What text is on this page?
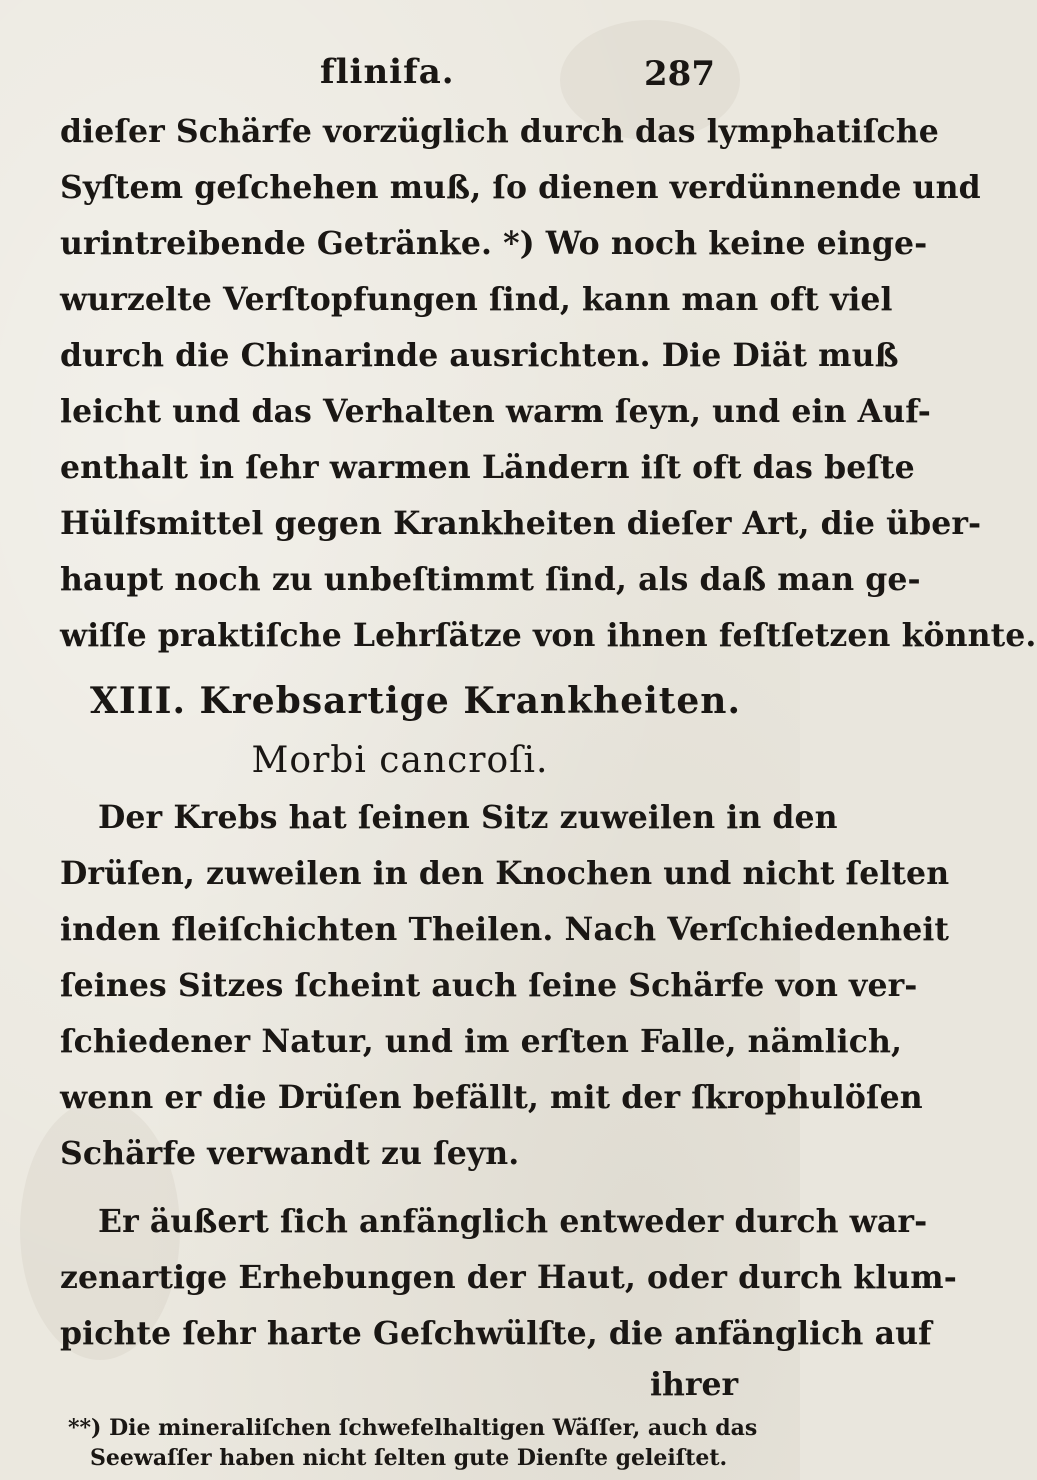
flinifa.	287
dieſer Schärfe vorzüglich durch das lymphatiſche
Syſtem geſchehen muß, ſo dienen verdünnende und
urintreibende Getränke. *) Wo noch keine einge-
wurzelte Verſtopfungen ſind, kann man oft viel
durch die Chinarinde ausrichten. Die Diät muß
leicht und das Verhalten warm ſeyn, und ein Auf-
enthalt in ſehr warmen Ländern iſt oft das beſte
Hülfsmittel gegen Krankheiten dieſer Art, die über-
haupt noch zu unbeſtimmt ſind, als daß man ge-
wiſſe praktiſche Lehrſätze von ihnen feſtſetzen könnte.
XIII. Krebsartige Krankheiten.
Morbi cancroſi.
Der Krebs hat ſeinen Sitz zuweilen in den
Drüſen, zuweilen in den Knochen und nicht ſelten
inden fleiſchichten Theilen. Nach Verſchiedenheit
ſeines Sitzes ſcheint auch ſeine Schärfe von ver-
ſchiedener Natur, und im erſten Falle, nämlich,
wenn er die Drüſen befällt, mit der ſkrophulöſen
Schärfe verwandt zu ſeyn.
Er äußert ſich anfänglich entweder durch war-
zenartige Erhebungen der Haut, oder durch klum-
pichte ſehr harte Geſchwülſte, die anfänglich auf
ihrer
**) Die mineraliſchen ſchwefelhaltigen Wäſſer, auch das
Seewaſſer haben nicht ſelten gute Dienſte geleiſtet.
